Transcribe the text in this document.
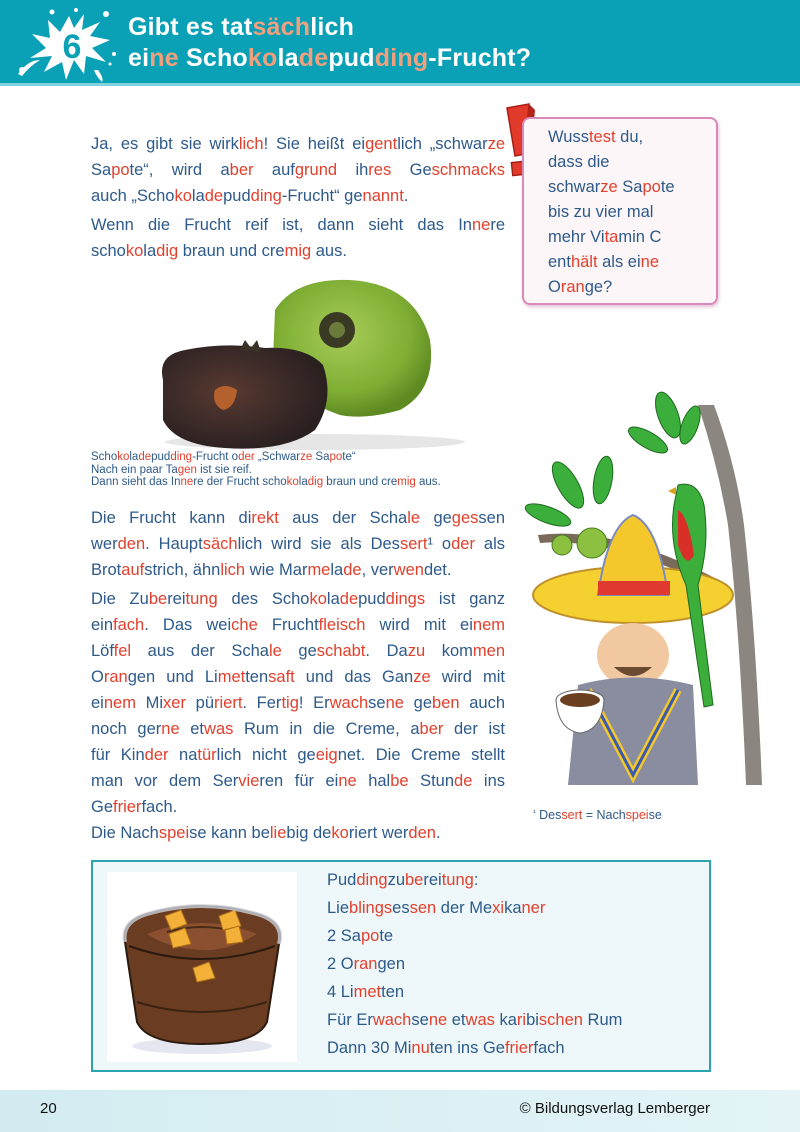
6
Gibt es tatsächlich
eine Schokoladepudding-Frucht?
Ja, es gibt sie wirklich! Sie heißt eigentlich „schwarze
Sapote“, wird aber aufgrund ihres Geschmacks
auch „Schokoladepudding-Frucht“ genannt.
Wenn die Frucht reif ist, dann sieht das Innere
schokoladig braun und cremig aus.
Wusstest du,
dass die
schwarze Sapote
bis zu vier mal
mehr Vitamin C
enthält als eine
Orange?
Schokoladepudding-Frucht oder „Schwarze Sapote“
Nach ein paar Tagen ist sie reif.
Dann sieht das Innere der Frucht schokoladig braun und cremig aus.
Die Frucht kann direkt aus der Schale gegessen
werden. Hauptsächlich wird sie als Dessert¹ oder als
Brotaufstrich, ähnlich wie Marmelade, verwendet.
Die Zubereitung des Schokoladepuddings ist ganz
einfach. Das weiche Fruchtfleisch wird mit einem
Löffel aus der Schale geschabt. Dazu kommen
Orangen und Limettensaft und das Ganze wird mit
einem Mixer püriert. Fertig! Erwachsene geben auch
noch gerne etwas Rum in die Creme, aber der ist
für Kinder natürlich nicht geeignet. Die Creme stellt
man vor dem Servieren für eine halbe Stunde ins
Gefrierfach.
Die Nachspeise kann beliebig dekoriert werden.
$^{^1}$ Dessert = Nachspeise
Puddingzubereitung:
Lieblingsessen der Mexikaner
2 Sapote
2 Orangen
4 Limetten
Für Erwachsene etwas karibischen Rum
Dann 30 Minuten ins Gefrierfach
20	© Bildungsverlag Lemberger
